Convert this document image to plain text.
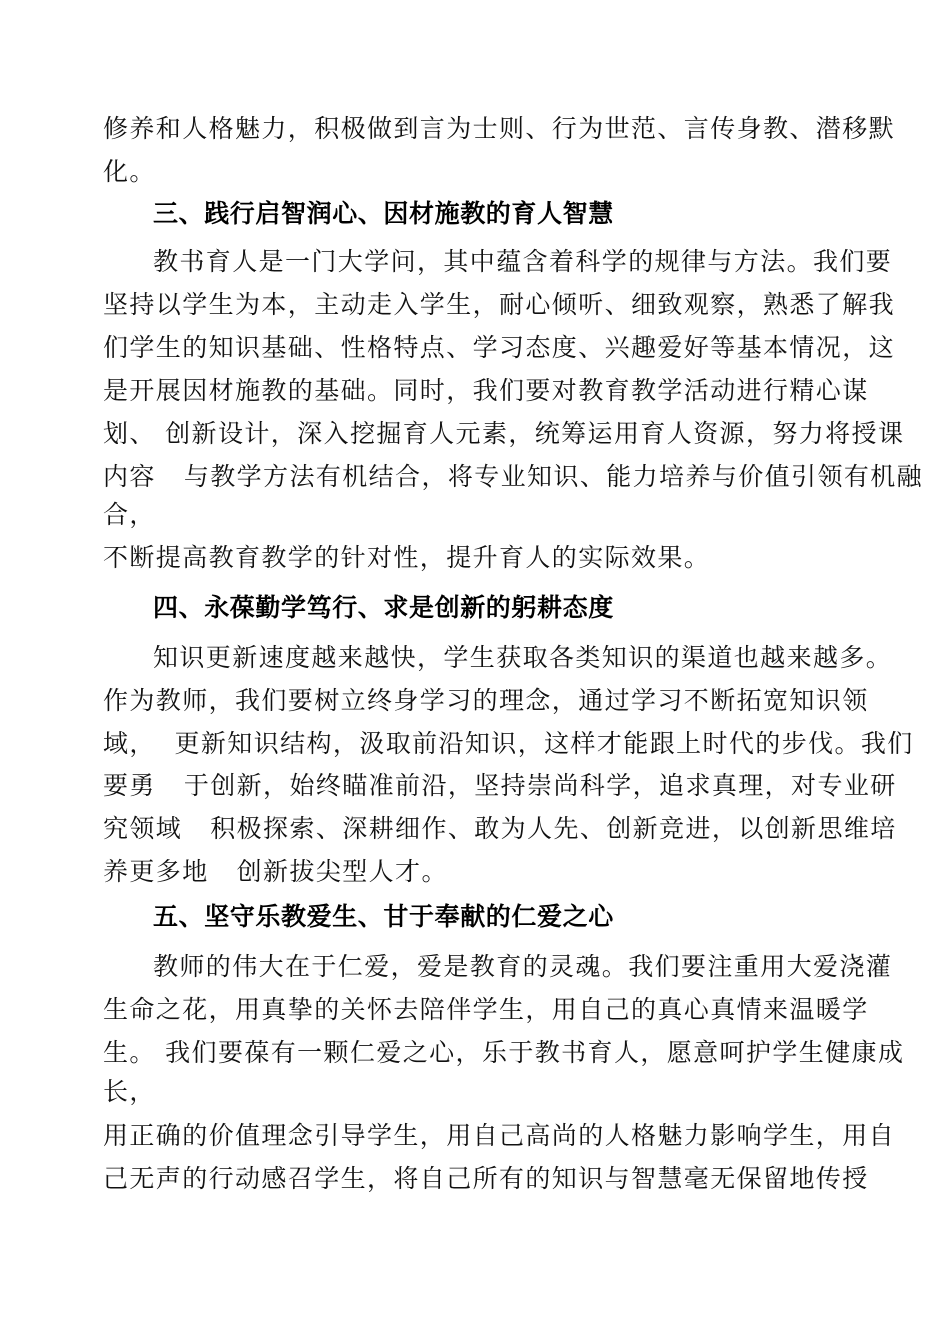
修养和人格魅力，积极做到言为士则、行为世范、言传身教、潜移默
化。
三、践行启智润心、因材施教的育人智慧
教书育人是一门大学问，其中蕴含着科学的规律与方法。我们要
坚持以学生为本，主动走入学生，耐心倾听、细致观察，熟悉了解我
们学生的知识基础、性格特点、学习态度、兴趣爱好等基本情况，这
是开展因材施教的基础。同时，我们要对教育教学活动进行精心谋
划、 创新设计，深入挖掘育人元素，统筹运用育人资源，努力将授课
内容   与教学方法有机结合，将专业知识、能力培养与价值引领有机融
合，
不断提高教育教学的针对性，提升育人的实际效果。
四、永葆勤学笃行、求是创新的躬耕态度
知识更新速度越来越快，学生获取各类知识的渠道也越来越多。
作为教师，我们要树立终身学习的理念，通过学习不断拓宽知识领
域，  更新知识结构，汲取前沿知识，这样才能跟上时代的步伐。我们
要勇   于创新，始终瞄准前沿，坚持崇尚科学，追求真理，对专业研
究领域   积极探索、深耕细作、敢为人先、创新竞进，以创新思维培
养更多地   创新拔尖型人才。
五、坚守乐教爱生、甘于奉献的仁爱之心
教师的伟大在于仁爱，爱是教育的灵魂。我们要注重用大爱浇灌
生命之花，用真挚的关怀去陪伴学生，用自己的真心真情来温暖学
生。 我们要葆有一颗仁爱之心，乐于教书育人，愿意呵护学生健康成
长，
用正确的价值理念引导学生，用自己高尚的人格魅力影响学生，用自
己无声的行动感召学生，将自己所有的知识与智慧毫无保留地传授
